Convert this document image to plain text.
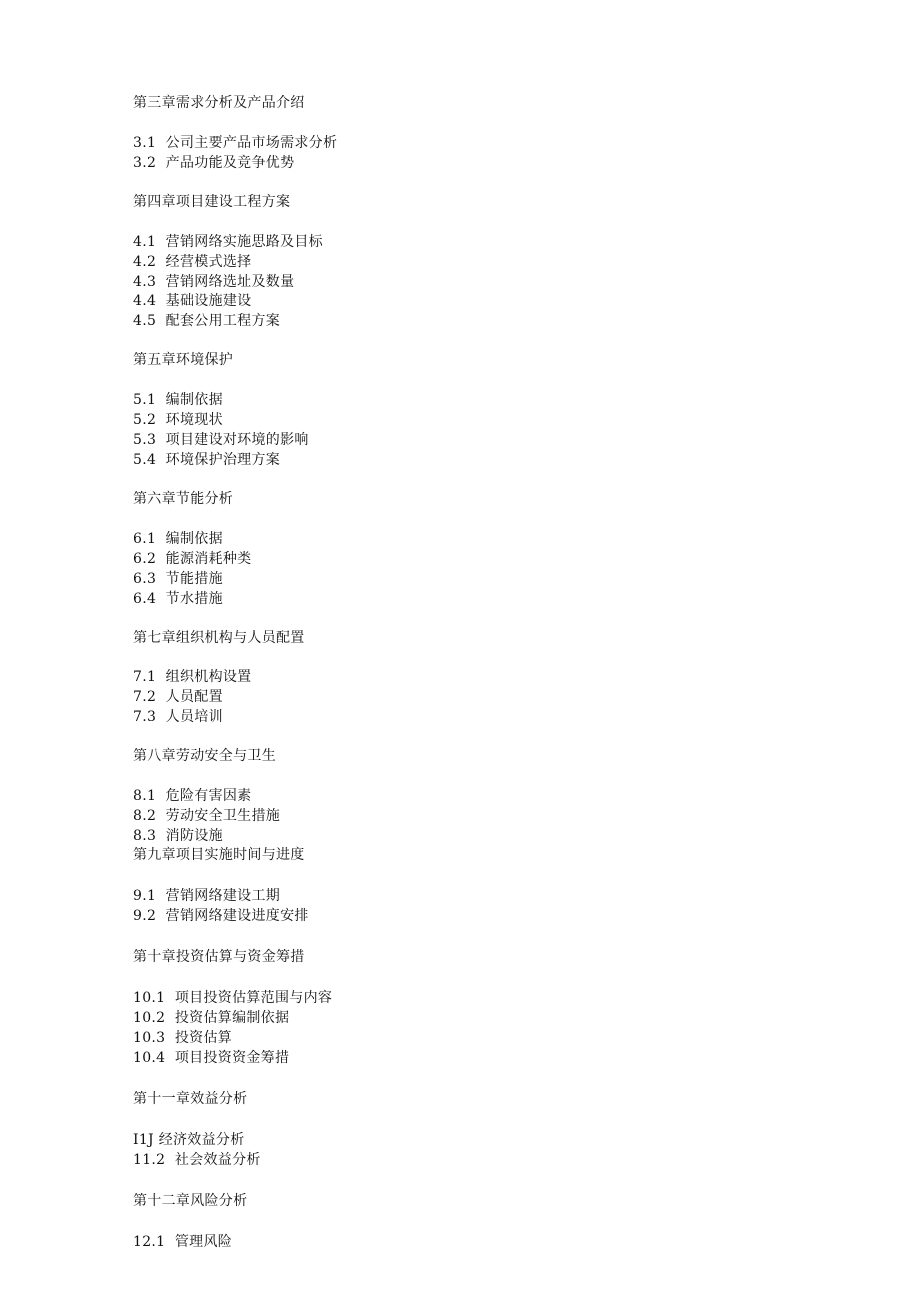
第三章需求分析及产品介绍
3.1  公司主要产品市场需求分析
3.2  产品功能及竞争优势
第四章项目建设工程方案
4.1  营销网络实施思路及目标
4.2  经营模式选择
4.3  营销网络选址及数量
4.4  基础设施建设
4.5  配套公用工程方案
第五章环境保护
5.1  编制依据
5.2  环境现状
5.3  项目建设对环境的影响
5.4  环境保护治理方案
第六章节能分析
6.1  编制依据
6.2  能源消耗种类
6.3  节能措施
6.4  节水措施
第七章组织机构与人员配置
7.1  组织机构设置
7.2  人员配置
7.3  人员培训
第八章劳动安全与卫生
8.1  危险有害因素
8.2  劳动安全卫生措施
8.3  消防设施
第九章项目实施时间与进度
9.1  营销网络建设工期
9.2  营销网络建设进度安排
第十章投资估算与资金筹措
10.1  项目投资估算范围与内容
10.2  投资估算编制依据
10.3  投资估算
10.4  项目投资资金筹措
第十一章效益分析
I1J 经济效益分析
11.2  社会效益分析
第十二章风险分析
12.1  管理风险
